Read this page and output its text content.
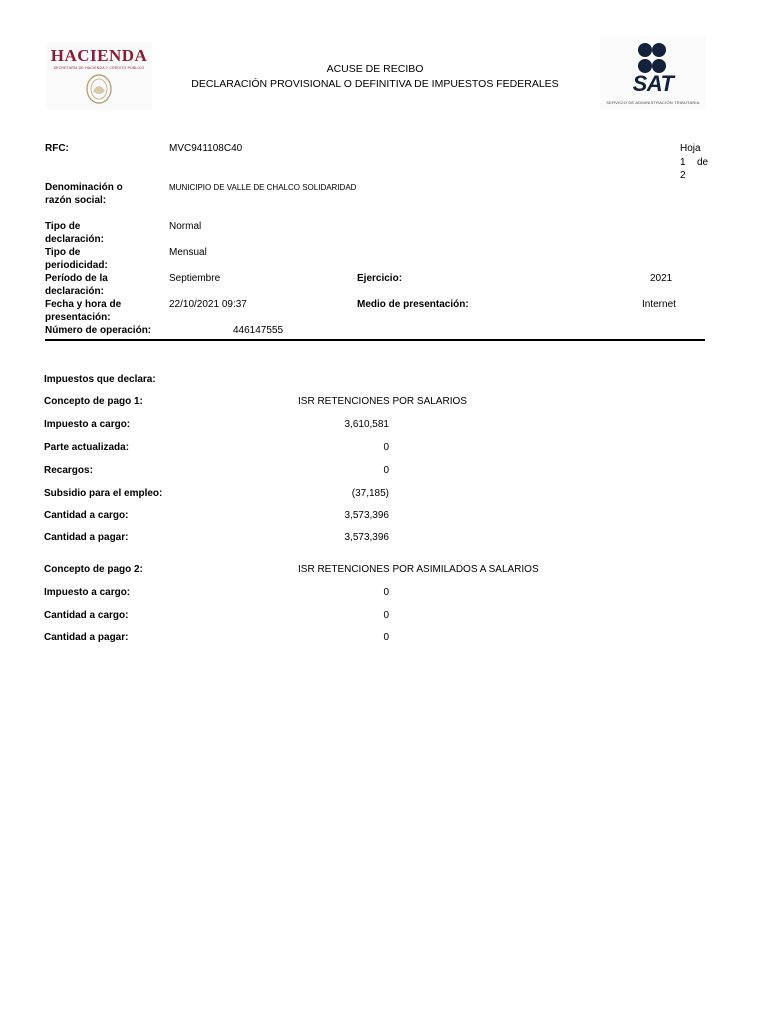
HACIENDA
SECRETARÍA DE HACIENDA Y CRÉDITO PÚBLICO	ACUSE DE RECIBO
DECLARACIÓN PROVISIONAL O DEFINITIVA DE IMPUESTOS FEDERALES	SAT
SERVICIO DE ADMINISTRACIÓN TRIBUTARIA
Hoja
1 de
2
RFC:	MVC941108C40
Denominación o
razón social:
MUNICIPIO DE VALLE DE CHALCO SOLIDARIDAD
Tipo de
declaración:
Normal
Tipo de
periodicidad:
Mensual
Período de la
declaración:
Septiembre	Ejercicio:	2021
Fecha y hora de
presentación:
22/10/2021 09:37	Medio de presentación:	Internet
Número de operación:	446147555
Impuestos que declara:
Concepto de pago 1:	ISR RETENCIONES POR SALARIOS
Impuesto a cargo:	3,610,581
Parte actualizada:	0
Recargos:	0
Subsidio para el empleo:	(37,185)
Cantidad a cargo:	3,573,396
Cantidad a pagar:	3,573,396
Concepto de pago 2:	ISR RETENCIONES POR ASIMILADOS A SALARIOS
Impuesto a cargo:	0
Cantidad a cargo:	0
Cantidad a pagar:	0
